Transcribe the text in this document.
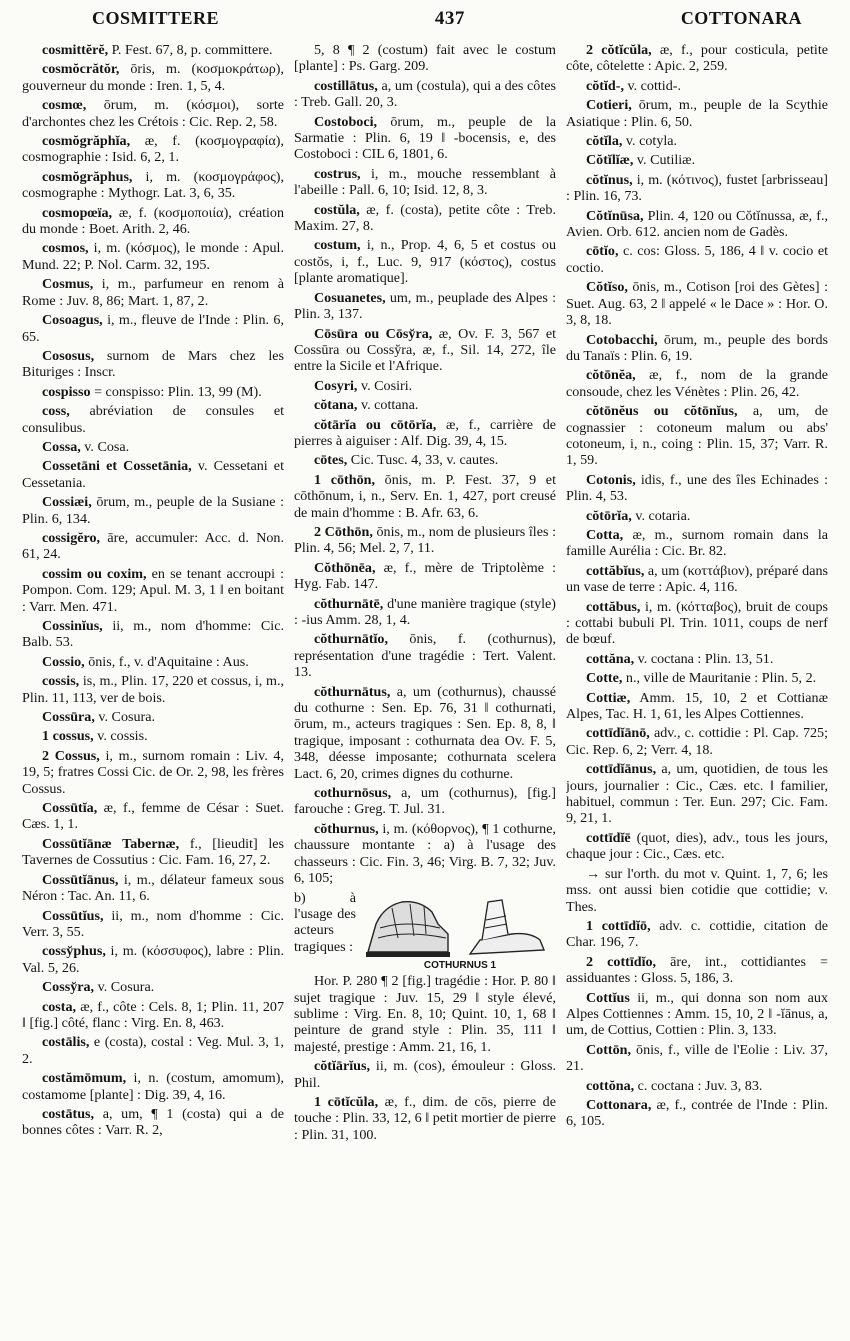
COSMITTERE	437	COTTONARA

cosmittĕrĕ, P. Fest. 67, 8, p. committere.

cosmŏcrătŏr, ōris, m. (κοσμοκράτωρ), gouverneur du monde : Iren. 1, 5, 4.

cosmœ, ōrum, m. (κόσμοι), sorte d'archontes chez les Crétois : Cic. Rep. 2, 58.

cosmŏgrăphĭa, æ, f. (κοσμογραφία), cosmographie : Isid. 6, 2, 1.

cosmŏgrăphus, i, m. (κοσμογράφος), cosmographe : Mythogr. Lat. 3, 6, 35.

cosmopœïa, æ, f. (κοσμοποιία), création du monde : Boet. Arith. 2, 46.

cosmos, i, m. (κόσμος), le monde : Apul. Mund. 22; P. Nol. Carm. 32, 195.

Cosmus, i, m., parfumeur en renom à Rome : Juv. 8, 86; Mart. 1, 87, 2.

Cosoagus, i, m., fleuve de l'Inde : Plin. 6, 65.

Cososus, surnom de Mars chez les Bituriges : Inscr.

cospisso = conspisso: Plin. 13, 99 (M).

coss, abréviation de consules et consulibus.

Cossa, v. Cosa.

Cossetāni et Cossetānia, v. Cessetani et Cessetania.

Cossiæi, ōrum, m., peuple de la Susiane : Plin. 6, 134.

cossigĕro, āre, accumuler: Acc. d. Non. 61, 24.

cossim ou coxim, en se tenant accroupi : Pompon. Com. 129; Apul. M. 3, 1 ‖ en boitant : Varr. Men. 471.

Cossinĭus, ii, m., nom d'homme: Cic. Balb. 53.

Cossio, ōnis, f., v. d'Aquitaine : Aus.

cossis, is, m., Plin. 17, 220 et cossus, i, m., Plin. 11, 113, ver de bois.

Cossūra, v. Cosura.

1 cossus, v. cossis.

2 Cossus, i, m., surnom romain : Liv. 4, 19, 5; fratres Cossi Cic. de Or. 2, 98, les frères Cossus.

Cossūtĭa, æ, f., femme de César : Suet. Cæs. 1, 1.

Cossūtĭānæ Tabernæ, f., [lieudit] les Tavernes de Cossutius : Cic. Fam. 16, 27, 2.

Cossūtĭānus, i, m., délateur fameux sous Néron : Tac. An. 11, 6.

Cossūtĭus, ii, m., nom d'homme : Cic. Verr. 3, 55.

cossy̆phus, i, m. (κόσσυφος), labre : Plin. Val. 5, 26.

Cossy̆ra, v. Cosura.

costa, æ, f., côte : Cels. 8, 1; Plin. 11, 207 ‖ [fig.] côté, flanc : Virg. En. 8, 463.

costālis, e (costa), costal : Veg. Mul. 3, 1, 2.

costămōmum, i, n. (costum, amomum), costamome [plante] : Dig. 39, 4, 16.

costātus, a, um, ¶ 1 (costa) qui a de bonnes côtes : Varr. R. 2,

5, 8 ¶ 2 (costum) fait avec le costum [plante] : Ps. Garg. 209.

costillātus, a, um (costula), qui a des côtes : Treb. Gall. 20, 3.

Costoboci, ōrum, m., peuple de la Sarmatie : Plin. 6, 19 ‖ -bocensis, e, des Costoboci : CIL 6, 1801, 6.

costrus, i, m., mouche ressemblant à l'abeille : Pall. 6, 10; Isid. 12, 8, 3.

costŭla, æ, f. (costa), petite côte : Treb. Maxim. 27, 8.

costum, i, n., Prop. 4, 6, 5 et costus ou costŏs, i, f., Luc. 9, 917 (κόστος), costus [plante aromatique].

Cosuanetes, um, m., peuplade des Alpes : Plin. 3, 137.

Cōsūra ou Cōsy̆ra, æ, Ov. F. 3, 567 et Cossūra ou Cossy̆ra, æ, f., Sil. 14, 272, île entre la Sicile et l'Afrique.

Cosyri, v. Cosiri.

cŏtana, v. cottana.

cŏtārĭa ou cōtōrĭa, æ, f., carrière de pierres à aiguiser : Alf. Dig. 39, 4, 15.

cōtes, Cic. Tusc. 4, 33, v. cautes.

1 cōthōn, ōnis, m. P. Fest. 37, 9 et cōthōnum, i, n., Serv. En. 1, 427, port creusé de main d'homme : B. Afr. 63, 6.

2 Cōthōn, ōnis, m., nom de plusieurs îles : Plin. 4, 56; Mel. 2, 7, 11.

Cŏthōnēa, æ, f., mère de Triptolème : Hyg. Fab. 147.

cŏthurnātē, d'une manière tragique (style) : -ius Amm. 28, 1, 4.

cŏthurnātĭo, ōnis, f. (cothurnus), représentation d'une tragédie : Tert. Valent. 13.

cŏthurnātus, a, um (cothurnus), chaussé du cothurne : Sen. Ep. 76, 31 ‖ cothurnati, ōrum, m., acteurs tragiques : Sen. Ep. 8, 8, ‖ tragique, imposant : cothurnata dea Ov. F. 5, 348, déesse imposante; cothurnata scelera Lact. 6, 20, crimes dignes du cothurne.

cothurnōsus, a, um (cothurnus), [fig.] farouche : Greg. T. Jul. 31.

cŏthurnus, i, m. (κόθορνος), ¶ 1 cothurne, chaussure montante : a) à l'usage des chasseurs : Cic. Fin. 3, 46; Virg. B. 7, 32; Juv. 6, 105;

b) à l'usage des acteurs tragiques :

COTHURNUS 1

Hor. P. 280 ¶ 2 [fig.] tragédie : Hor. P. 80 ‖ sujet tragique : Juv. 15, 29 ‖ style élevé, sublime : Virg. En. 8, 10; Quint. 10, 1, 68 ‖ peinture de grand style : Plin. 35, 111 ‖ majesté, prestige : Amm. 21, 16, 1.

cŏtĭārĭus, ii, m. (cos), émouleur : Gloss. Phil.

1 cōtĭcŭla, æ, f., dim. de cōs, pierre de touche : Plin. 33, 12, 6 ‖ petit mortier de pierre : Plin. 31, 100.

2 cŏtĭcŭla, æ, f., pour costicula, petite côte, côtelette : Apic. 2, 259.

cŏtĭd-, v. cottid-.

Cotieri, ōrum, m., peuple de la Scythie Asiatique : Plin. 6, 50.

cŏtĭla, v. cotyla.

Cŏtĭlĭæ, v. Cutiliæ.

cŏtĭnus, i, m. (κότινος), fustet [arbrisseau] : Plin. 16, 73.

Cŏtĭnūsa, Plin. 4, 120 ou Cŏtĭnussa, æ, f., Avien. Orb. 612. ancien nom de Gadès.

cōtĭo, c. cos: Gloss. 5, 186, 4 ‖ v. cocio et coctio.

Cŏtĭso, ōnis, m., Cotison [roi des Gètes] : Suet. Aug. 63, 2 ‖ appelé « le Dace » : Hor. O. 3, 8, 18.

Cotobacchi, ōrum, m., peuple des bords du Tanaïs : Plin. 6, 19.

cŏtōnĕa, æ, f., nom de la grande consoude, chez les Vénètes : Plin. 26, 42.

cŏtōnĕus ou cŏtōnĭus, a, um, de cognassier : cotoneum malum ou abs' cotoneum, i, n., coing : Plin. 15, 37; Varr. R. 1, 59.

Cotonis, idis, f., une des îles Echinades : Plin. 4, 53.

cŏtōrĭa, v. cotaria.

Cotta, æ, m., surnom romain dans la famille Aurélia : Cic. Br. 82.

cottăbĭus, a, um (κοττάβιον), préparé dans un vase de terre : Apic. 4, 116.

cottăbus, i, m. (κότταβος), bruit de coups : cottabi bubuli Pl. Trin. 1011, coups de nerf de bœuf.

cottăna, v. coctana : Plin. 13, 51.

Cotte, n., ville de Mauritanie : Plin. 5, 2.

Cottiæ, Amm. 15, 10, 2 et Cottianæ Alpes, Tac. H. 1, 61, les Alpes Cottiennes.

cottīdĭānō, adv., c. cottidie : Pl. Cap. 725; Cic. Rep. 6, 2; Verr. 4, 18.

cottīdĭānus, a, um, quotidien, de tous les jours, journalier : Cic., Cæs. etc. ‖ familier, habituel, commun : Ter. Eun. 297; Cic. Fam. 9, 21, 1.

cottīdĭē (quot, dies), adv., tous les jours, chaque jour : Cic., Cæs. etc.

→ sur l'orth. du mot v. Quint. 1, 7, 6; les mss. ont aussi bien cotidie que cottidie; v. Thes.

1 cottīdĭō, adv. c. cottidie, citation de Char. 196, 7.

2 cottīdĭo, āre, int., cottidiantes = assiduantes : Gloss. 5, 186, 3.

Cottĭus ii, m., qui donna son nom aux Alpes Cottiennes : Amm. 15, 10, 2 ‖ -ĭānus, a, um, de Cottius, Cottien : Plin. 3, 133.

Cottōn, ōnis, f., ville de l'Eolie : Liv. 37, 21.

cottŏna, c. coctana : Juv. 3, 83.

Cottonara, æ, f., contrée de l'Inde : Plin. 6, 105.
